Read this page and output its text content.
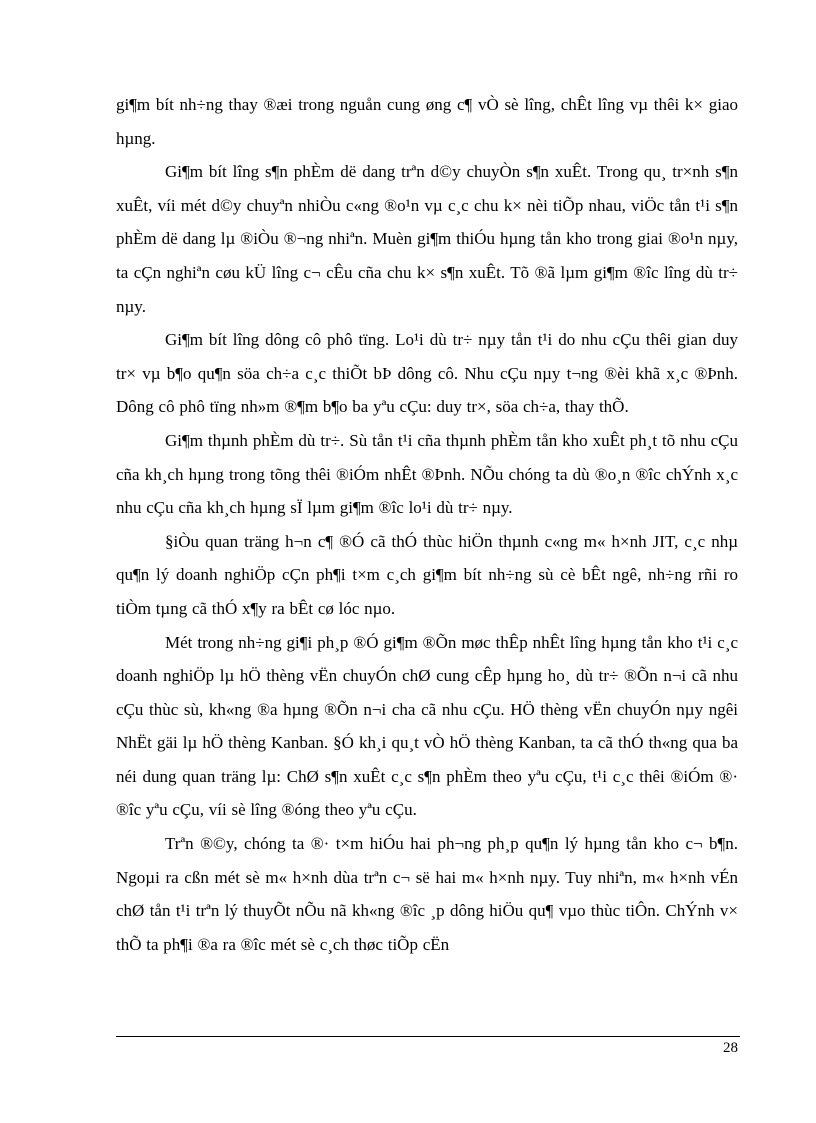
gi¶m bít nh÷ng thay ®æi trong nguån cung øng c¶ vÒ sè lîng, chÊt lîng vµ thêi k× giao hµng.

Gi¶m bít lîng s¶n phÈm dë dang trªn d©y chuyÒn s¶n xuÊt. Trong qu¸ tr×nh s¶n xuÊt, víi mét d©y chuyªn nhiÒu c«ng ®o¹n vµ c¸c chu k× nèi tiÕp nhau, viÖc tån t¹i s¶n phÈm dë dang lµ ®iÒu ®¬ng nhiªn. Muèn gi¶m thiÓu hµng tån kho trong giai ®o¹n nµy, ta cÇn nghiªn cøu kÜ lîng c¬ cÊu cña chu k× s¶n xuÊt. Tõ ®ã lµm gi¶m ®îc lîng dù tr÷ nµy.

Gi¶m bít lîng dông cô phô tïng. Lo¹i dù tr÷ nµy tån t¹i do nhu cÇu thêi gian duy tr× vµ b¶o qu¶n söa ch÷a c¸c thiÕt bÞ dông cô. Nhu cÇu nµy t¬ng ®èi khã x¸c ®Þnh. Dông cô phô tïng nh»m ®¶m b¶o ba yªu cÇu: duy tr×, söa ch÷a, thay thÕ.

Gi¶m thµnh phÈm dù tr÷. Sù tån t¹i cña thµnh phÈm tån kho xuÊt ph¸t tõ nhu cÇu cña kh¸ch hµng trong tõng thêi ®iÓm nhÊt ®Þnh. NÕu chóng ta dù ®o¸n ®îc chÝnh x¸c nhu cÇu cña kh¸ch hµng sÏ lµm gi¶m ®îc lo¹i dù tr÷ nµy.

§iÒu quan träng h¬n c¶ ®Ó cã thÓ thùc hiÖn thµnh c«ng m« h×nh JIT, c¸c nhµ qu¶n lý doanh nghiÖp cÇn ph¶i t×m c¸ch gi¶m bít nh÷ng sù cè bÊt ngê, nh÷ng rñi ro tiÒm tµng cã thÓ x¶y ra bÊt cø lóc nµo.

Mét trong nh÷ng gi¶i ph¸p ®Ó gi¶m ®Õn møc thÊp nhÊt lîng hµng tån kho t¹i c¸c doanh nghiÖp lµ hÖ thèng vËn chuyÓn chØ cung cÊp hµng ho¸ dù tr÷ ®Õn n¬i cã nhu cÇu thùc sù, kh«ng ®a hµng ®Õn n¬i cha cã nhu cÇu. HÖ thèng vËn chuyÓn nµy ngêi NhËt gäi lµ hÖ thèng Kanban. §Ó kh¸i qu¸t vÒ hÖ thèng Kanban, ta cã thÓ th«ng qua ba néi dung quan träng lµ: ChØ s¶n xuÊt c¸c s¶n phÈm theo yªu cÇu, t¹i c¸c thêi ®iÓm ®· ®îc yªu cÇu, víi sè lîng ®óng theo yªu cÇu.

Trªn ®©y, chóng ta ®· t×m hiÓu hai ph¬ng ph¸p qu¶n lý hµng tån kho c¬ b¶n. Ngoµi ra cßn mét sè m« h×nh dùa trªn c¬ së hai m« h×nh nµy. Tuy nhiªn, m« h×nh vÉn chØ tån t¹i trªn lý thuyÕt nÕu nã kh«ng ®îc ¸p dông hiÖu qu¶ vµo thùc tiÔn. ChÝnh v× thÕ ta ph¶i ®a ra ®îc mét sè c¸ch thøc tiÕp cËn

28
